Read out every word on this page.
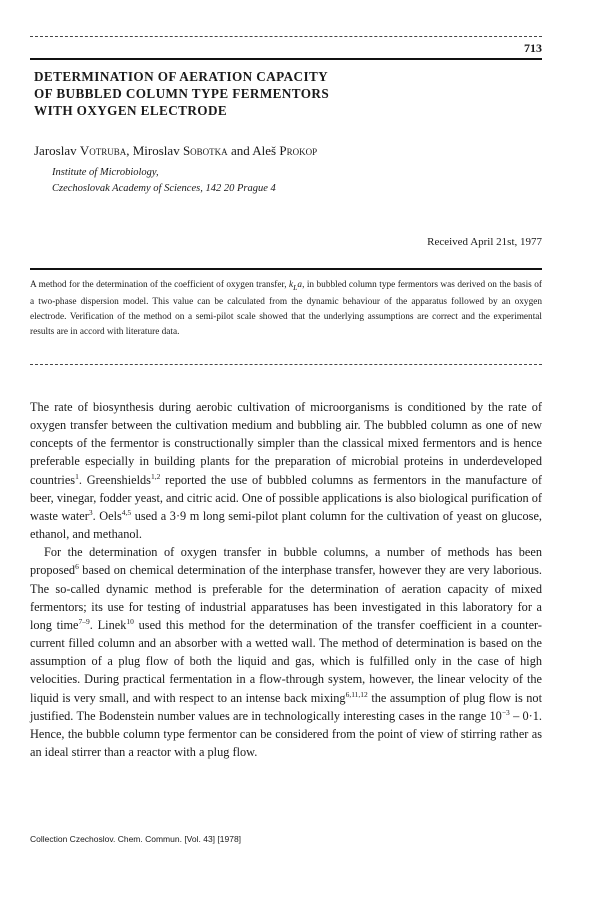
713
DETERMINATION OF AERATION CAPACITY
OF BUBBLED COLUMN TYPE FERMENTORS
WITH OXYGEN ELECTRODE
Jaroslav Votruba, Miroslav Sobotka and Aleš Prokop
Institute of Microbiology,
Czechoslovak Academy of Sciences, 142 20 Prague 4
Received April 21st, 1977
A method for the determination of the coefficient of oxygen transfer, $k_La$, in bubbled column type fermentors was derived on the basis of a two-phase dispersion model. This value can be calculated from the dynamic behaviour of the apparatus followed by an oxygen electrode. Verification of the method on a semi-pilot scale showed that the underlying assumptions are correct and the experimental results are in accord with literature data.

The rate of biosynthesis during aerobic cultivation of microorganisms is conditioned by the rate of oxygen transfer between the cultivation medium and bubbling air. The bubbled column as one of new concepts of the fermentor is constructionally simpler than the classical mixed fermentors and is hence preferable especially in building plants for the preparation of microbial proteins in underdeveloped countries$^1$. Greenshields$^{1,2}$ reported the use of bubbled columns as fermentors in the manufacture of beer, vinegar, fodder yeast, and citric acid. One of possible applications is also biological purification of waste water$^3$. Oels$^{4,5}$ used a 3·9 m long semi-pilot plant column for the cultivation of yeast on glucose, ethanol, and methanol.

For the determination of oxygen transfer in bubble columns, a number of methods has been proposed$^6$ based on chemical determination of the interphase transfer, however they are very laborious. The so-called dynamic method is preferable for the determination of aeration capacity of mixed fermentors; its use for testing of industrial apparatuses has been investigated in this laboratory for a long time$^{7-9}$. Linek$^{10}$ used this method for the determination of the transfer coefficient in a counter-current filled column and an absorber with a wetted wall. The method of determination is based on the assumption of a plug flow of both the liquid and gas, which is fulfilled only in the case of high velocities. During practical fermentation in a flow-through system, however, the linear velocity of the liquid is very small, and with respect to an intense back mixing$^{6,11,12}$ the assumption of plug flow is not justified. The Bodenstein number values are in technologically interesting cases in the range $10^{-3} - 0\cdot 1$. Hence, the bubble column type fermentor can be considered from the point of view of stirring rather as an ideal stirrer than a reactor with a plug flow.

Collection Czechoslov. Chem. Commun. [Vol. 43] [1978]
